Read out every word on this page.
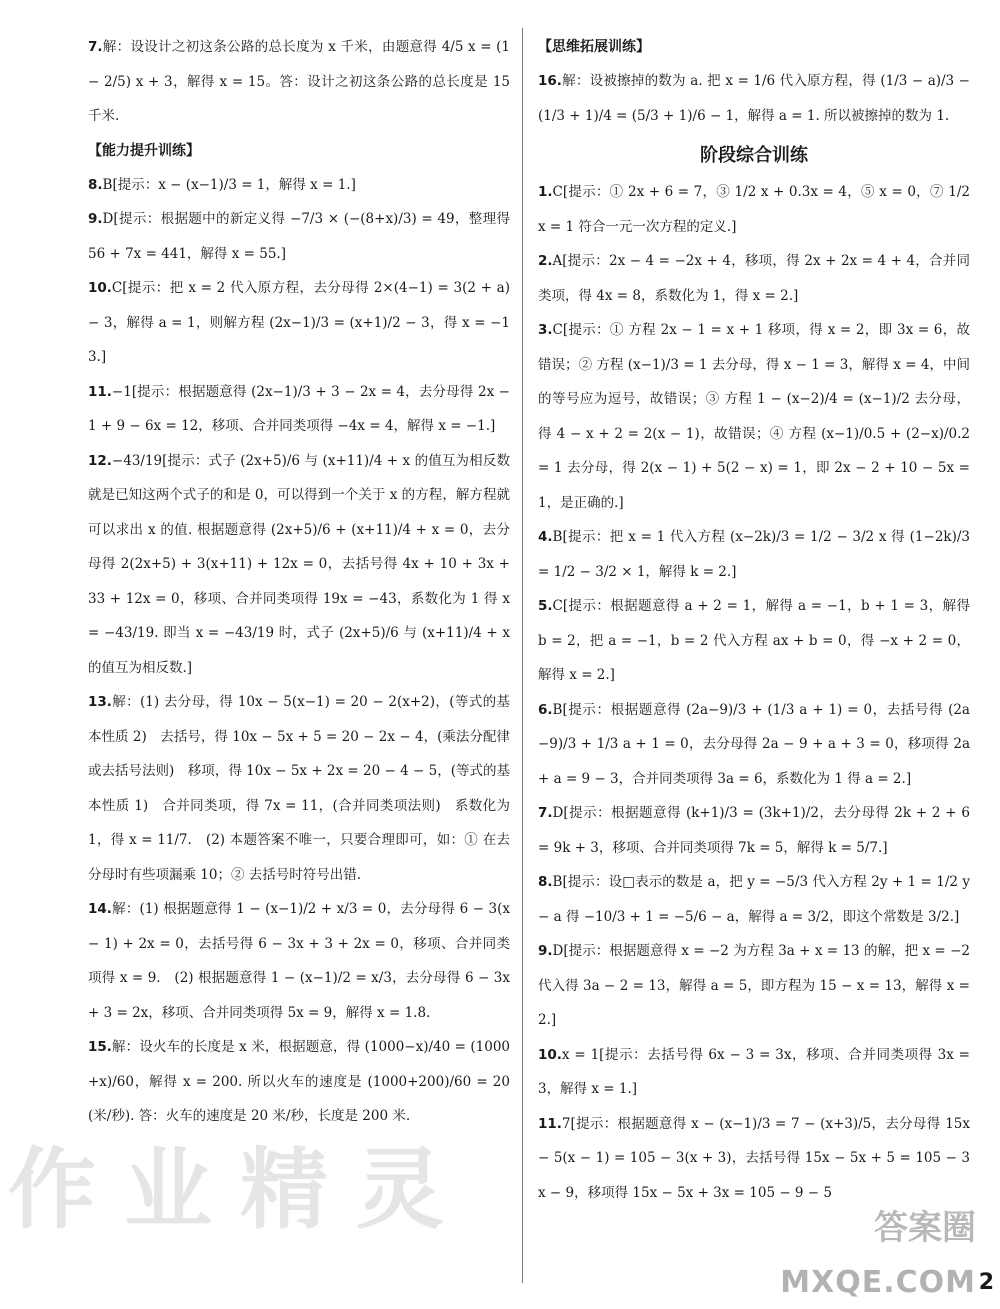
7.解：设设计之初这条公路的总长度为 x 千米，由题意得 4/5 x = (1 − 2/5) x + 3，解得 x = 15。答：设计之初这条公路的总长度是 15 千米.

【能力提升训练】

8.B[提示：x − (x−1)/3 = 1，解得 x = 1.]

9.D[提示：根据题中的新定义得 −7/3 × (−(8+x)/3) = 49，整理得 56 + 7x = 441，解得 x = 55.]

10.C[提示：把 x = 2 代入原方程，去分母得 2×(4−1) = 3(2 + a) − 3，解得 a = 1，则解方程 (2x−1)/3 = (x+1)/2 − 3，得 x = −13.]

11.−1[提示：根据题意得 (2x−1)/3 + 3 − 2x = 4，去分母得 2x − 1 + 9 − 6x = 12，移项、合并同类项得 −4x = 4，解得 x = −1.]

12.−43/19[提示：式子 (2x+5)/6 与 (x+11)/4 + x 的值互为相反数就是已知这两个式子的和是 0，可以得到一个关于 x 的方程，解方程就可以求出 x 的值. 根据题意得 (2x+5)/6 + (x+11)/4 + x = 0，去分母得 2(2x+5) + 3(x+11) + 12x = 0，去括号得 4x + 10 + 3x + 33 + 12x = 0，移项、合并同类项得 19x = −43，系数化为 1 得 x = −43/19. 即当 x = −43/19 时，式子 (2x+5)/6 与 (x+11)/4 + x 的值互为相反数.]

13.解：(1) 去分母，得 10x − 5(x−1) = 20 − 2(x+2)，(等式的基本性质 2)　去括号，得 10x − 5x + 5 = 20 − 2x − 4，(乘法分配律或去括号法则)　移项，得 10x − 5x + 2x = 20 − 4 − 5，(等式的基本性质 1)　合并同类项，得 7x = 11，(合并同类项法则)　系数化为 1，得 x = 11/7.　(2) 本题答案不唯一，只要合理即可，如：① 在去分母时有些项漏乘 10；② 去括号时符号出错.

14.解：(1) 根据题意得 1 − (x−1)/2 + x/3 = 0，去分母得 6 − 3(x − 1) + 2x = 0，去括号得 6 − 3x + 3 + 2x = 0，移项、合并同类项得 x = 9.　(2) 根据题意得 1 − (x−1)/2 = x/3，去分母得 6 − 3x + 3 = 2x，移项、合并同类项得 5x = 9，解得 x = 1.8.

15.解：设火车的长度是 x 米，根据题意，得 (1000−x)/40 = (1000+x)/60，解得 x = 200. 所以火车的速度是 (1000+200)/60 = 20(米/秒). 答：火车的速度是 20 米/秒，长度是 200 米.

【思维拓展训练】

16.解：设被擦掉的数为 a. 把 x = 1/6 代入原方程，得 (1/3 − a)/3 − (1/3 + 1)/4 = (5/3 + 1)/6 − 1，解得 a = 1. 所以被擦掉的数为 1.

阶段综合训练

1.C[提示：① 2x + 6 = 7，③ 1/2 x + 0.3x = 4，⑤ x = 0，⑦ 1/2 x = 1 符合一元一次方程的定义.]

2.A[提示：2x − 4 = −2x + 4，移项，得 2x + 2x = 4 + 4，合并同类项，得 4x = 8，系数化为 1，得 x = 2.]

3.C[提示：① 方程 2x − 1 = x + 1 移项，得 x = 2，即 3x = 6，故错误；② 方程 (x−1)/3 = 1 去分母，得 x − 1 = 3，解得 x = 4，中间的等号应为逗号，故错误；③ 方程 1 − (x−2)/4 = (x−1)/2 去分母，得 4 − x + 2 = 2(x − 1)，故错误；④ 方程 (x−1)/0.5 + (2−x)/0.2 = 1 去分母，得 2(x − 1) + 5(2 − x) = 1，即 2x − 2 + 10 − 5x = 1，是正确的.]

4.B[提示：把 x = 1 代入方程 (x−2k)/3 = 1/2 − 3/2 x 得 (1−2k)/3 = 1/2 − 3/2 × 1，解得 k = 2.]

5.C[提示：根据题意得 a + 2 = 1，解得 a = −1，b + 1 = 3，解得 b = 2，把 a = −1，b = 2 代入方程 ax + b = 0，得 −x + 2 = 0，解得 x = 2.]

6.B[提示：根据题意得 (2a−9)/3 + (1/3 a + 1) = 0，去括号得 (2a−9)/3 + 1/3 a + 1 = 0，去分母得 2a − 9 + a + 3 = 0，移项得 2a + a = 9 − 3，合并同类项得 3a = 6，系数化为 1 得 a = 2.]

7.D[提示：根据题意得 (k+1)/3 = (3k+1)/2，去分母得 2k + 2 + 6 = 9k + 3，移项、合并同类项得 7k = 5，解得 k = 5/7.]

8.B[提示：设□表示的数是 a，把 y = −5/3 代入方程 2y + 1 = 1/2 y − a 得 −10/3 + 1 = −5/6 − a，解得 a = 3/2，即这个常数是 3/2.]

9.D[提示：根据题意得 x = −2 为方程 3a + x = 13 的解，把 x = −2 代入得 3a − 2 = 13，解得 a = 5，即方程为 15 − x = 13，解得 x = 2.]

10.x = 1[提示：去括号得 6x − 3 = 3x，移项、合并同类项得 3x = 3，解得 x = 1.]

11.7[提示：根据题意得 x − (x−1)/3 = 7 − (x+3)/5，去分母得 15x − 5(x − 1) = 105 − 3(x + 3)，去括号得 15x − 5x + 5 = 105 − 3x − 9，移项得 15x − 5x + 3x = 105 − 9 − 5

作业精灵	答案圈
MXQE.COM 2
